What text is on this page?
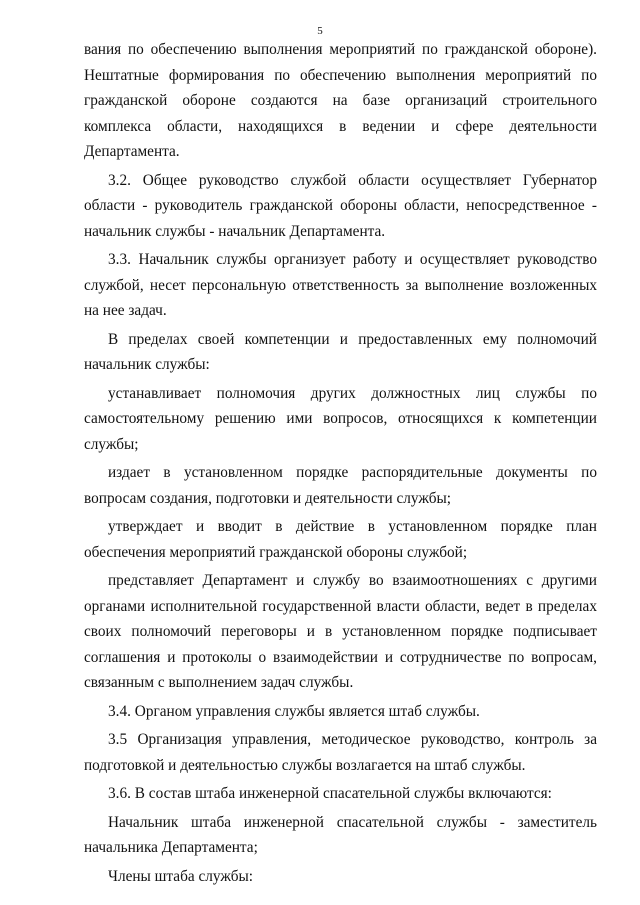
5

вания по обеспечению выполнения мероприятий по гражданской обороне). Нештатные формирования по обеспечению выполнения мероприятий по гражданской обороне создаются на базе организаций строительного комплекса области, находящихся в ведении и сфере деятельности Департамента.

3.2. Общее руководство службой области осуществляет Губернатор области - руководитель гражданской обороны области, непосредственное - начальник службы - начальник Департамента.

3.3. Начальник службы организует работу и осуществляет руководство службой, несет персональную ответственность за выполнение возложенных на нее задач.

В пределах своей компетенции и предоставленных ему полномочий начальник службы:

устанавливает полномочия других должностных лиц службы по самостоятельному решению ими вопросов, относящихся к компетенции службы;

издает в установленном порядке распорядительные документы по вопросам создания, подготовки и деятельности службы;

утверждает и вводит в действие в установленном порядке план обеспечения мероприятий гражданской обороны службой;

представляет Департамент и службу во взаимоотношениях с другими органами исполнительной государственной власти области, ведет в пределах своих полномочий переговоры и в установленном порядке подписывает соглашения и протоколы о взаимодействии и сотрудничестве по вопросам, связанным с выполнением задач службы.

3.4. Органом управления службы является штаб службы.

3.5 Организация управления, методическое руководство, контроль за подготовкой и деятельностью службы возлагается на штаб службы.

3.6. В состав штаба инженерной спасательной службы включаются:

Начальник штаба инженерной спасательной службы - заместитель начальника Департамента;

Члены штаба службы:
